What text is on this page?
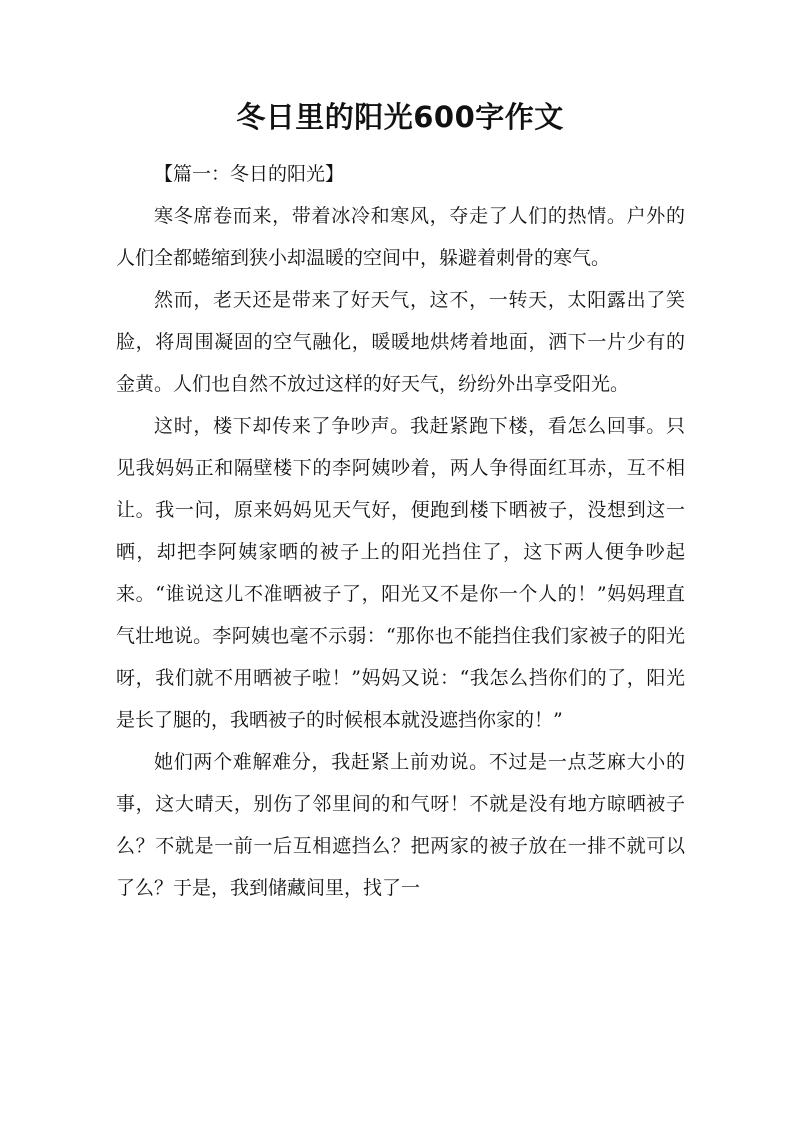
冬日里的阳光600字作文

【篇一：冬日的阳光】

寒冬席卷而来，带着冰冷和寒风，夺走了人们的热情。户外的人们全都蜷缩到狭小却温暖的空间中，躲避着刺骨的寒气。

然而，老天还是带来了好天气，这不，一转天，太阳露出了笑脸，将周围凝固的空气融化，暖暖地烘烤着地面，洒下一片少有的金黄。人们也自然不放过这样的好天气，纷纷外出享受阳光。

这时，楼下却传来了争吵声。我赶紧跑下楼，看怎么回事。只见我妈妈正和隔壁楼下的李阿姨吵着，两人争得面红耳赤，互不相让。我一问，原来妈妈见天气好，便跑到楼下晒被子，没想到这一晒，却把李阿姨家晒的被子上的阳光挡住了，这下两人便争吵起来。“谁说这儿不准晒被子了，阳光又不是你一个人的！”妈妈理直气壮地说。李阿姨也毫不示弱：“那你也不能挡住我们家被子的阳光呀，我们就不用晒被子啦！”妈妈又说：“我怎么挡你们的了，阳光是长了腿的，我晒被子的时候根本就没遮挡你家的！”

她们两个难解难分，我赶紧上前劝说。不过是一点芝麻大小的事，这大晴天，别伤了邻里间的和气呀！不就是没有地方晾晒被子么？不就是一前一后互相遮挡么？把两家的被子放在一排不就可以了么？于是，我到储藏间里，找了一
